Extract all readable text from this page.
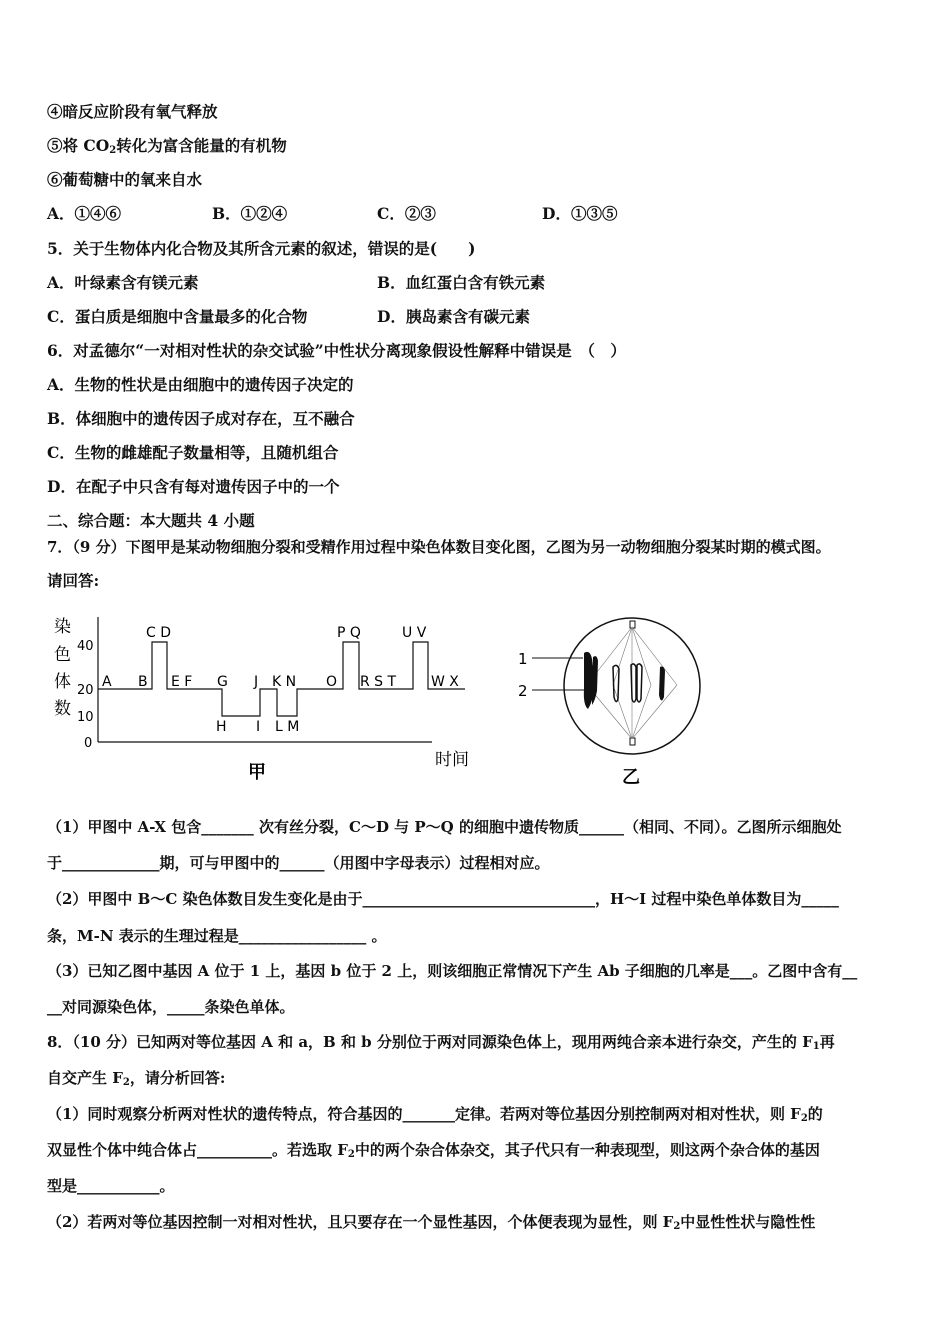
④暗反应阶段有氧气释放
⑤将 $CO_2$转化为富含能量的有机物
⑥葡萄糖中的氧来自水
A．①④⑥	B．①②④	C．②③	D．①③⑤
5．关于生物体内化合物及其所含元素的叙述，错误的是(　　)
A．叶绿素含有镁元素	B．血红蛋白含有铁元素
C．蛋白质是细胞中含量最多的化合物	D．胰岛素含有碳元素
6．对孟德尔“一对相对性状的杂交试验”中性状分离现象假设性解释中错误是　（　）
A．生物的性状是由细胞中的遗传因子决定的
B．体细胞中的遗传因子成对存在，互不融合
C．生物的雌雄配子数量相等，且随机组合
D．在配子中只含有每对遗传因子中的一个
二、综合题：本大题共 4 小题
7．（9 分）下图甲是某动物细胞分裂和受精作用过程中染色体数目变化图，乙图为另一动物细胞分裂某时期的模式图。
请回答:
染
色
体
数
40
20
10
0
A B
C D
E F G J K N O
P Q
R S T
U V
W X
H I L M
时间
甲
1
2
乙
（1）甲图中 A-X 包含_______ 次有丝分裂，C～D 与 P～Q 的细胞中遗传物质______（相同、不同）。乙图所示细胞处
于_____________期，可与甲图中的______（用图中字母表示）过程相对应。
（2）甲图中 B～C 染色体数目发生变化是由于_______________________________，H～I 过程中染色单体数目为_____
条，M-N 表示的生理过程是_________________ 。
（3）已知乙图中基因 A 位于 1 上，基因 b 位于 2 上，则该细胞正常情况下产生 Ab 子细胞的几率是___。乙图中含有__
__对同源染色体，_____条染色单体。
8．（10 分）已知两对等位基因 A 和 a，B 和 b 分别位于两对同源染色体上，现用两纯合亲本进行杂交，产生的 $F_1$再
自交产生 $F_2$，请分析回答:
（1）同时观察分析两对性状的遗传特点，符合基因的_______定律。若两对等位基因分别控制两对相对性状，则 $F_2$的
双显性个体中纯合体占__________。若选取 $F_2$中的两个杂合体杂交，其子代只有一种表现型，则这两个杂合体的基因
型是___________。
（2）若两对等位基因控制一对相对性状，且只要存在一个显性基因，个体便表现为显性，则 $F_2$中显性性状与隐性性
